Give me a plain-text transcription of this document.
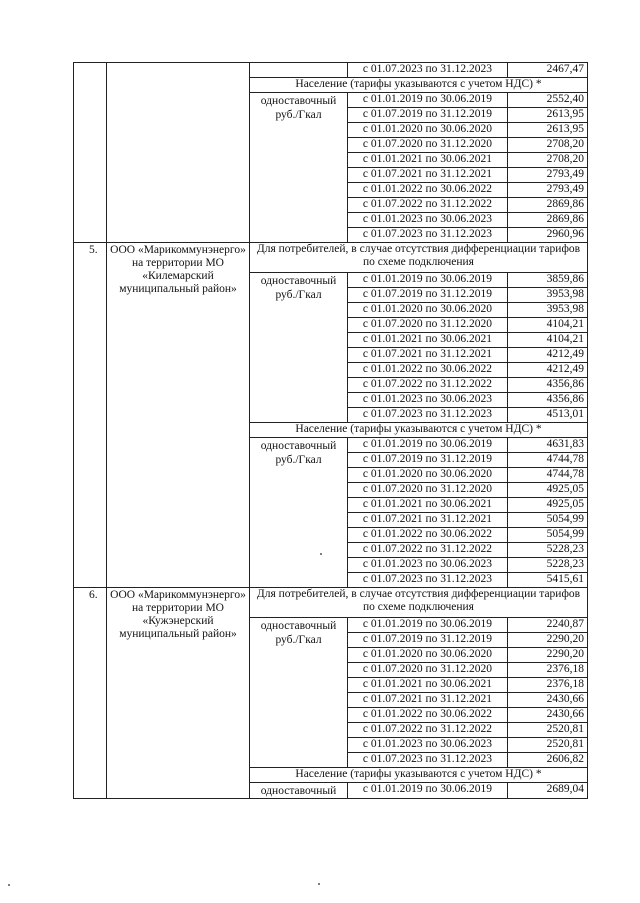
	с 01.07.2023 по 31.12.2023	2467,47
		Население (тарифы указываются с учетом НДС) *		

		одноставочный
руб./Гкал	с 01.01.2019 по 30.06.2019	2552,40
			с 01.07.2019 по 31.12.2019	2613,95
			с 01.01.2020 по 30.06.2020	2613,95
			с 01.07.2020 по 31.12.2020	2708,20
			с 01.01.2021 по 30.06.2021	2708,20
			с 01.07.2021 по 31.12.2021	2793,49
			с 01.01.2022 по 30.06.2022	2793,49
			с 01.07.2022 по 31.12.2022	2869,86
			с 01.01.2023 по 30.06.2023	2869,86
			с 01.07.2023 по 31.12.2023	2960,96
5.	ООО «Марикоммунэнерго» на территории МО «Килемарский муниципальный район»	Для потребителей, в случае отсутствия дифференциации тарифов по схеме подключения		

		одноставочный
руб./Гкал	с 01.01.2019 по 30.06.2019	3859,86
			с 01.07.2019 по 31.12.2019	3953,98
			с 01.01.2020 по 30.06.2020	3953,98
			с 01.07.2020 по 31.12.2020	4104,21
			с 01.01.2021 по 30.06.2021	4104,21
			с 01.07.2021 по 31.12.2021	4212,49
			с 01.01.2022 по 30.06.2022	4212,49
			с 01.07.2022 по 31.12.2022	4356,86
			с 01.01.2023 по 30.06.2023	4356,86
			с 01.07.2023 по 31.12.2023	4513,01
		Население (тарифы указываются с учетом НДС) *		

		одноставочный
руб./Гкал	с 01.01.2019 по 30.06.2019	4631,83
			с 01.07.2019 по 31.12.2019	4744,78
			с 01.01.2020 по 30.06.2020	4744,78
			с 01.07.2020 по 31.12.2020	4925,05
			с 01.01.2021 по 30.06.2021	4925,05
			с 01.07.2021 по 31.12.2021	5054,99
			с 01.01.2022 по 30.06.2022	5054,99
			с 01.07.2022 по 31.12.2022	5228,23
			с 01.01.2023 по 30.06.2023	5228,23
			с 01.07.2023 по 31.12.2023	5415,61
6.	ООО «Марикоммунэнерго» на территории МО «Кужэнерский муниципальный район»	Для потребителей, в случае отсутствия дифференциации тарифов по схеме подключения		

		одноставочный
руб./Гкал	с 01.01.2019 по 30.06.2019	2240,87
			с 01.07.2019 по 31.12.2019	2290,20
			с 01.01.2020 по 30.06.2020	2290,20
			с 01.07.2020 по 31.12.2020	2376,18
			с 01.01.2021 по 30.06.2021	2376,18
			с 01.07.2021 по 31.12.2021	2430,66
			с 01.01.2022 по 30.06.2022	2430,66
			с 01.07.2022 по 31.12.2022	2520,81
			с 01.01.2023 по 30.06.2023	2520,81
			с 01.07.2023 по 31.12.2023	2606,82
		Население (тарифы указываются с учетом НДС) *		

		одноставочный	с 01.01.2019 по 30.06.2019	2689,04
